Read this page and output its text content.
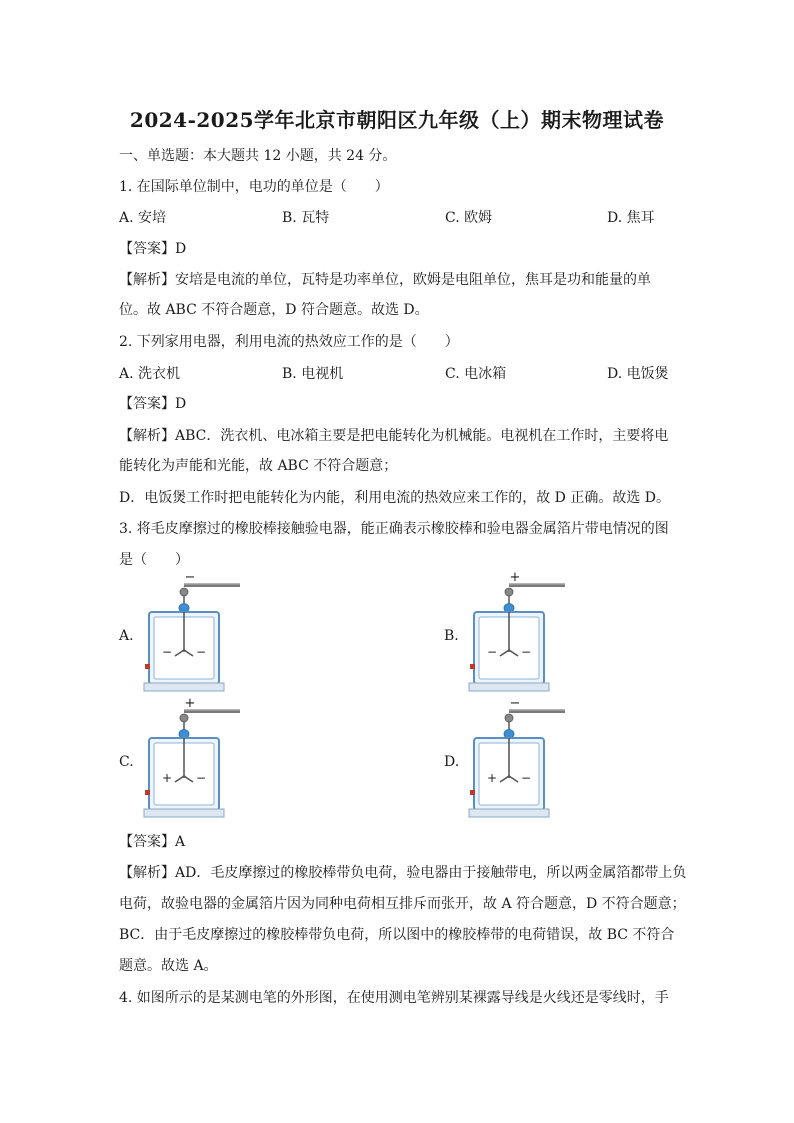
2024-2025学年北京市朝阳区九年级（上）期末物理试卷
一、单选题：本大题共 12 小题，共 24 分。
1. 在国际单位制中，电功的单位是（　　）
A. 安培	B. 瓦特	C. 欧姆	D. 焦耳
【答案】D
【解析】安培是电流的单位，瓦特是功率单位，欧姆是电阻单位，焦耳是功和能量的单
位。故 ABC 不符合题意，D 符合题意。故选 D。
2. 下列家用电器，利用电流的热效应工作的是（　　）
A. 洗衣机	B. 电视机	C. 电冰箱	D. 电饭煲
【答案】D
【解析】ABC．洗衣机、电冰箱主要是把电能转化为机械能。电视机在工作时，主要将电
能转化为声能和光能，故 ABC 不符合题意；
D．电饭煲工作时把电能转化为内能，利用电流的热效应来工作的，故 D 正确。故选 D。
3. 将毛皮摩擦过的橡胶棒接触验电器，能正确表示橡胶棒和验电器金属箔片带电情况的图
是（　　）
A.	B.
C.	D.
−
− −
+
− −
+
+ −
−
+ −
【答案】A
【解析】AD．毛皮摩擦过的橡胶棒带负电荷，验电器由于接触带电，所以两金属箔都带上负
电荷，故验电器的金属箔片因为同种电荷相互排斥而张开，故 A 符合题意，D 不符合题意；
BC．由于毛皮摩擦过的橡胶棒带负电荷，所以图中的橡胶棒带的电荷错误，故 BC 不符合
题意。故选 A。
4. 如图所示的是某测电笔的外形图，在使用测电笔辨别某裸露导线是火线还是零线时，手
